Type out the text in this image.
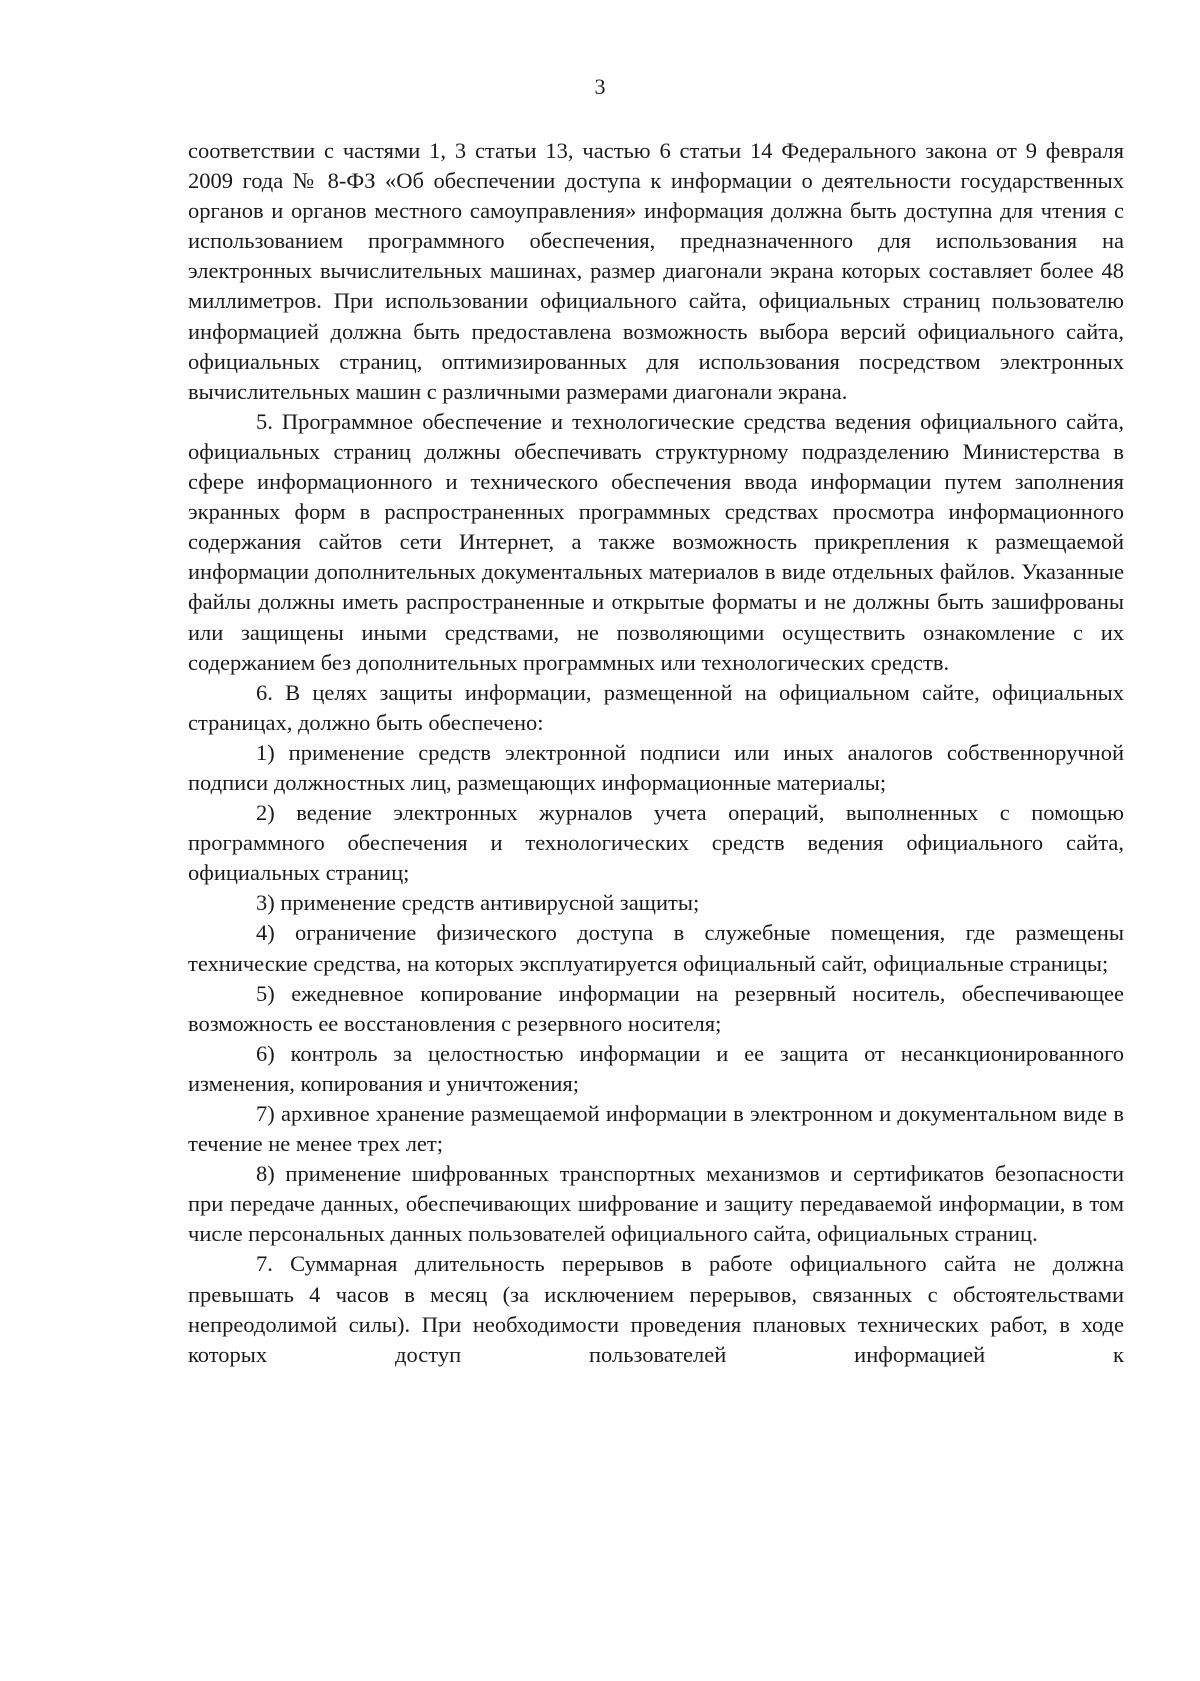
3

соответствии с частями 1, 3 статьи 13, частью 6 статьи 14 Федерального закона от 9 февраля 2009 года № 8-ФЗ «Об обеспечении доступа к информации о деятельности государственных органов и органов местного самоуправления» информация должна быть доступна для чтения с использованием программного обеспечения, предназначенного для использования на электронных вычислительных машинах, размер диагонали экрана которых составляет более 48 миллиметров. При использовании официального сайта, официальных страниц пользователю информацией должна быть предоставлена возможность выбора версий официального сайта, официальных страниц, оптимизированных для использования посредством электронных вычислительных машин с различными размерами диагонали экрана.

5. Программное обеспечение и технологические средства ведения официального сайта, официальных страниц должны обеспечивать структурному подразделению Министерства в сфере информационного и технического обеспечения ввода информации путем заполнения экранных форм в распространенных программных средствах просмотра информационного содержания сайтов сети Интернет, а также возможность прикрепления к размещаемой информации дополнительных документальных материалов в виде отдельных файлов. Указанные файлы должны иметь распространенные и открытые форматы и не должны быть зашифрованы или защищены иными средствами, не позволяющими осуществить ознакомление с их содержанием без дополнительных программных или технологических средств.

6. В целях защиты информации, размещенной на официальном сайте, официальных страницах, должно быть обеспечено:

1) применение средств электронной подписи или иных аналогов собственноручной подписи должностных лиц, размещающих информационные материалы;

2) ведение электронных журналов учета операций, выполненных с помощью программного обеспечения и технологических средств ведения официального сайта, официальных страниц;

3) применение средств антивирусной защиты;

4) ограничение физического доступа в служебные помещения, где размещены технические средства, на которых эксплуатируется официальный сайт, официальные страницы;

5) ежедневное копирование информации на резервный носитель, обеспечивающее возможность ее восстановления с резервного носителя;

6) контроль за целостностью информации и ее защита от несанкционированного изменения, копирования и уничтожения;

7) архивное хранение размещаемой информации в электронном и документальном виде в течение не менее трех лет;

8) применение шифрованных транспортных механизмов и сертификатов безопасности при передаче данных, обеспечивающих шифрование и защиту передаваемой информации, в том числе персональных данных пользователей официального сайта, официальных страниц.

7. Суммарная длительность перерывов в работе официального сайта не должна превышать 4 часов в месяц (за исключением перерывов, связанных с обстоятельствами непреодолимой силы). При необходимости проведения плановых технических работ, в ходе которых доступ пользователей информацией к
